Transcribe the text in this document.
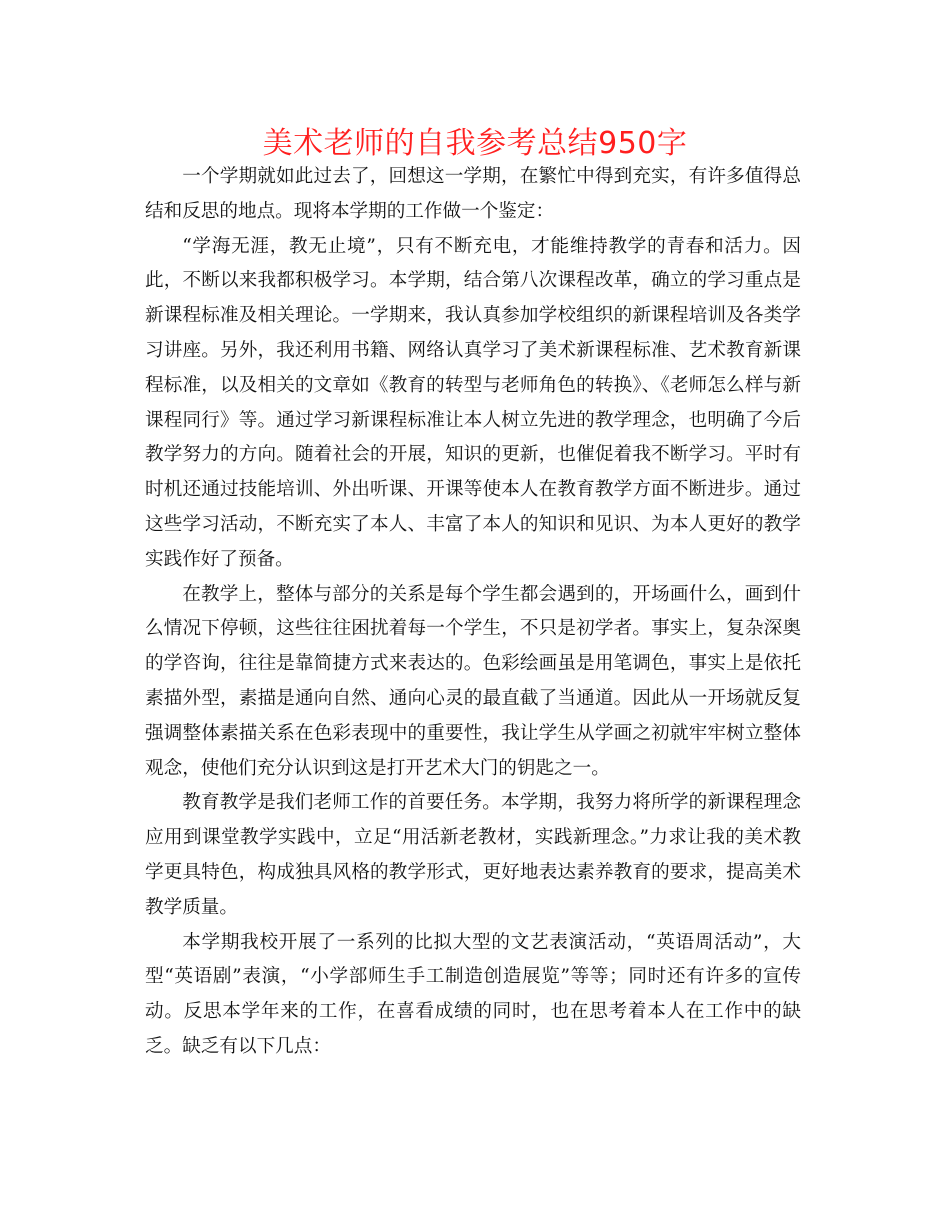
美术老师的自我参考总结950字

一个学期就如此过去了，回想这一学期，在繁忙中得到充实，有许多值得总结和反思的地点。现将本学期的工作做一个鉴定：

“学海无涯，教无止境”，只有不断充电，才能维持教学的青春和活力。因此，不断以来我都积极学习。本学期，结合第八次课程改革，确立的学习重点是新课程标准及相关理论。一学期来，我认真参加学校组织的新课程培训及各类学习讲座。另外，我还利用书籍、网络认真学习了美术新课程标准、艺术教育新课程标准，以及相关的文章如《教育的转型与老师角色的转换》、《老师怎么样与新课程同行》等。通过学习新课程标准让本人树立先进的教学理念，也明确了今后教学努力的方向。随着社会的开展，知识的更新，也催促着我不断学习。平时有时机还通过技能培训、外出听课、开课等使本人在教育教学方面不断进步。通过这些学习活动，不断充实了本人、丰富了本人的知识和见识、为本人更好的教学实践作好了预备。

在教学上，整体与部分的关系是每个学生都会遇到的，开场画什么，画到什么情况下停顿，这些往往困扰着每一个学生，不只是初学者。事实上，复杂深奥的学咨询，往往是靠简捷方式来表达的。色彩绘画虽是用笔调色，事实上是依托素描外型，素描是通向自然、通向心灵的最直截了当通道。因此从一开场就反复强调整体素描关系在色彩表现中的重要性，我让学生从学画之初就牢牢树立整体观念，使他们充分认识到这是打开艺术大门的钥匙之一。

教育教学是我们老师工作的首要任务。本学期，我努力将所学的新课程理念应用到课堂教学实践中，立足“用活新老教材，实践新理念。”力求让我的美术教学更具特色，构成独具风格的教学形式，更好地表达素养教育的要求，提高美术教学质量。

本学期我校开展了一系列的比拟大型的文艺表演活动，“英语周活动”，大型“英语剧”表演，“小学部师生手工制造创造展览”等等；同时还有许多的宣传动。反思本学年来的工作，在喜看成绩的同时，也在思考着本人在工作中的缺乏。缺乏有以下几点：
